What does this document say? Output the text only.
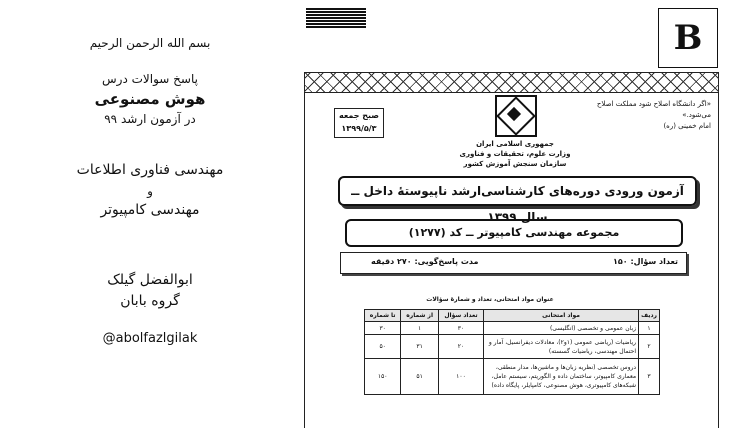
بسم الله الرحمن الرحیم

پاسخ سوالات درس

هوش مصنوعی

در آزمون ارشد ۹۹

مهندسی فناوری اطلاعات

و

مهندسی کامپیوتر

ابوالفضل گیلک

گروه بابان

@abolfazlgilak

B
«اگر دانشگاه اصلاح شود مملکت اصلاح می‌شود.»
امام خمینی (ره)
صبح جمعه
۱۳۹۹/۵/۳
جمهوری اسلامی ایران
وزارت علوم، تحقیقات و فناوری
سازمان سنجش آموزش کشور
آزمون ورودی دوره‌های کارشناسی‌ارشد ناپیوستهٔ داخل ــ سال ۱۳۹۹
مجموعه مهندسی کامپیوتر ــ کد (۱۲۷۷)
تعداد سؤال: ۱۵۰
مدت پاسخ‌گویی: ۲۷۰ دقیقه
عنوان مواد امتحانی، تعداد و شمارهٔ سؤالات
ردیف	مواد امتحانی	تعداد سؤال	از شماره	تا شماره
۱	زبان عمومی و تخصصی (انگلیسی)	۳۰	۱	۳۰
۲	ریاضیات (ریاضی عمومی (۱و۲)، معادلات دیفرانسیل، آمار و احتمال مهندسی، ریاضیات گسسته)	۲۰	۳۱	۵۰
۳	دروس تخصصی (نظریه زبان‌ها و ماشین‌ها، مدار منطقی، معماری کامپیوتر، ساختمان داده و الگوریتم، سیستم عامل، شبکه‌های کامپیوتری، هوش مصنوعی، کامپایلر، پایگاه داده)	۱۰۰	۵۱	۱۵۰
